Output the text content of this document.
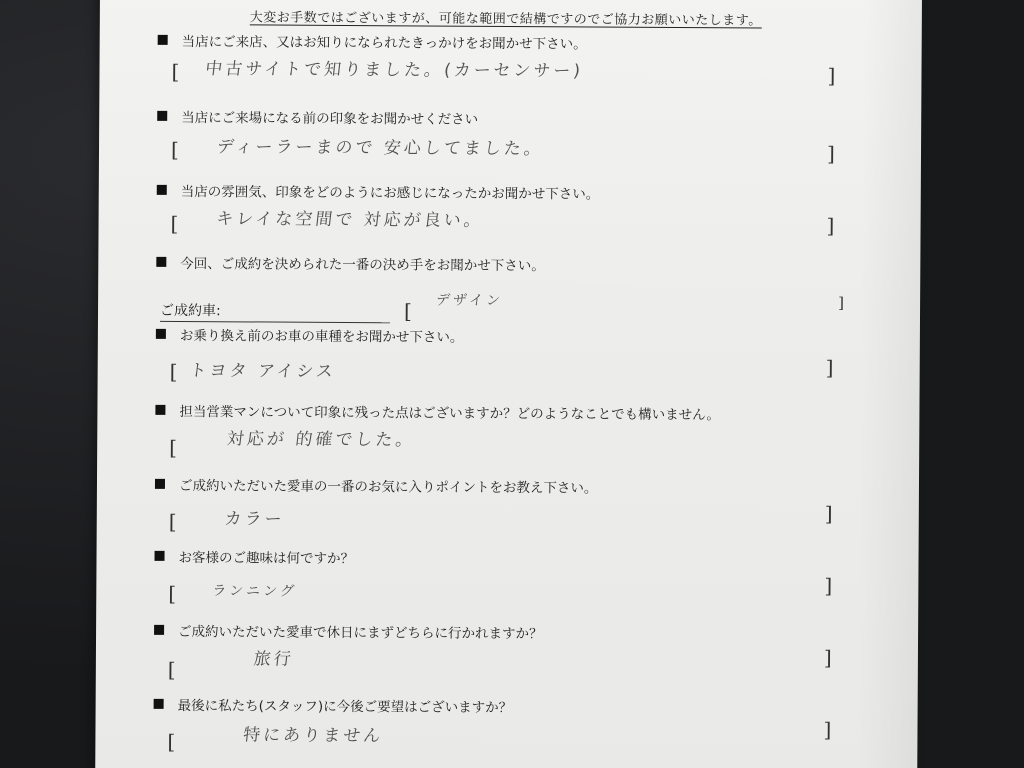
大変お手数ではございますが、可能な範囲で結構ですのでご協力お願いいたします。
当店にご来店、又はお知りになられたきっかけをお聞かせ下さい。
[ 中古サイトで知りました。(カーセンサー)	]
当店にご来場になる前の印象をお聞かせください
[ ディーラーまので 安心してました。	]
当店の雰囲気、印象をどのようにお感じになったかお聞かせ下さい。
[ キレイな空間で 対応が良い。	]
今回、ご成約を決められた一番の決め手をお聞かせ下さい。
ご成約車:	[ デザイン	]
お乗り換え前のお車の車種をお聞かせ下さい。
[ トヨタ アイシス	]
担当営業マンについて印象に残った点はございますか？どのようなことでも構いません。
[	対応が 的確でした。
ご成約いただいた愛車の一番のお気に入りポイントをお教え下さい。
[	カラー	]
お客様のご趣味は何ですか？
[	ランニング	]
ご成約いただいた愛車で休日にまずどちらに行かれますか？
[	旅行	]
最後に私たち(スタッフ)に今後ご要望はございますか？
[	特にありません	]
